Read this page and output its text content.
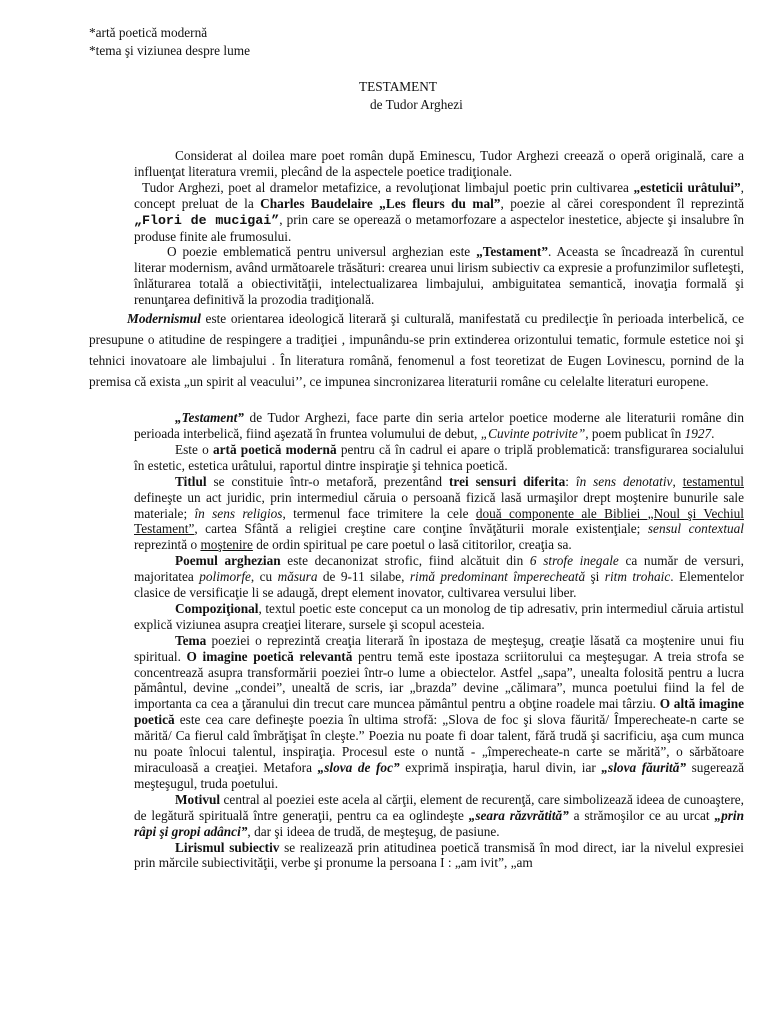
*artă poetică modernă
*tema şi viziunea despre lume
TESTAMENT
de Tudor Arghezi

Considerat al doilea mare poet român după Eminescu, Tudor Arghezi creează o operă originală, care a influenţat literatura vremii, plecând de la aspectele poetice tradiţionale.

Tudor Arghezi, poet al dramelor metafizice, a revoluţionat limbajul poetic prin cultivarea „esteticii urâtului”, concept preluat de la Charles Baudelaire „Les fleurs du mal”, poezie al cărei corespondent îl reprezintă „Flori de mucigai”, prin care se operează o metamorfozare a aspectelor inestetice, abjecte şi insalubre în produse finite ale frumosului.

O poezie emblematică pentru universul arghezian este „Testament”. Aceasta se încadrează în curentul literar modernism, având următoarele trăsături: crearea unui lirism subiectiv ca expresie a profunzimilor sufleteşti, înlăturarea totală a obiectivităţii, intelectualizarea limbajului, ambiguitatea semantică, inovaţia formală şi renunţarea definitivă la prozodia tradiţională.

Modernismul este orientarea ideologică literară şi culturală, manifestată cu predilecţie în perioada interbelică, ce presupune o atitudine de respingere a tradiţiei , impunându-se prin extinderea orizontului tematic, formule estetice noi şi tehnici inovatoare ale limbajului . În literatura română, fenomenul a fost teoretizat de Eugen Lovinescu, pornind de la premisa că exista „un spirit al veacului’’, ce impunea sincronizarea literaturii române cu celelalte literaturi europene.

„Testament” de Tudor Arghezi, face parte din seria artelor poetice moderne ale literaturii române din perioada interbelică, fiind aşezată în fruntea volumului de debut, „Cuvinte potrivite”, poem publicat în 1927.

Este o artă poetică modernă pentru că în cadrul ei apare o triplă problematică: transfigurarea socialului în estetic, estetica urâtului, raportul dintre inspiraţie şi tehnica poetică.

Titlul se constituie într-o metaforă, prezentând trei sensuri diferita: în sens denotativ, testamentul defineşte un act juridic, prin intermediul căruia o persoană fizică lasă urmaşilor drept moştenire bunurile sale materiale; în sens religios, termenul face trimitere la cele două componente ale Bibliei „Noul şi Vechiul Testament”, cartea Sfântă a religiei creştine care conţine învăţăturii morale existenţiale; sensul contextual reprezintă o moştenire de ordin spiritual pe care poetul o lasă cititorilor, creaţia sa.

Poemul arghezian este decanonizat strofic, fiind alcătuit din 6 strofe inegale ca număr de versuri, majoritatea polimorfe, cu măsura de 9-11 silabe, rimă predominant împerecheată şi ritm trohaic. Elementelor clasice de versificaţie li se adaugă, drept element inovator, cultivarea versului liber.

Compoziţional, textul poetic este conceput ca un monolog de tip adresativ, prin intermediul căruia artistul explică viziunea asupra creaţiei literare, sursele şi scopul acesteia.

Tema poeziei o reprezintă creaţia literară în ipostaza de meşteşug, creaţie lăsată ca moştenire unui fiu spiritual. O imagine poetică relevantă pentru temă este ipostaza scriitorului ca meşteşugar. A treia strofa se concentrează asupra transformării poeziei într-o lume a obiectelor. Astfel „sapa”, unealta folosită pentru a lucra pământul, devine „condei”, unealtă de scris, iar „brazda” devine „călimara”, munca poetului fiind la fel de importanta ca cea a ţăranului din trecut care muncea pământul pentru a obţine roadele mai târziu. O altă imagine poetică este cea care defineşte poezia în ultima strofă: „Slova de foc şi slova făurită/ Împerecheate-n carte se mărită/ Ca fierul cald îmbrăţişat în cleşte.” Poezia nu poate fi doar talent, fără trudă şi sacrificiu, aşa cum munca nu poate înlocui talentul, inspiraţia. Procesul este o nuntă - „împerecheate-n carte se mărită”, o sărbătoare miraculoasă a creaţiei. Metafora „slova de foc” exprimă inspiraţia, harul divin, iar „slova făurită” sugerează meşteşugul, truda poetului.

Motivul central al poeziei este acela al cărţii, element de recurenţă, care simbolizează ideea de cunoaştere, de legătură spirituală între generaţii, pentru ca ea oglindeşte „seara răzvrătită” a strămoşilor ce au urcat „prin râpi şi gropi adânci”, dar şi ideea de trudă, de meşteşug, de pasiune.

Lirismul subiectiv se realizează prin atitudinea poetică transmisă în mod direct, iar la nivelul expresiei prin mărcile subiectivităţii, verbe şi pronume la persoana I : „am ivit”, „am
